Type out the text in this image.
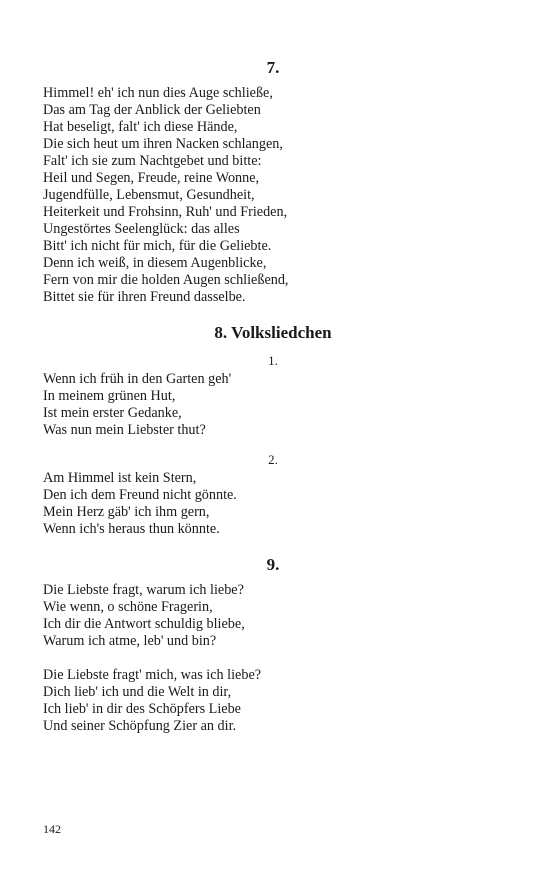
7.

Himmel! eh' ich nun dies Auge schließe,
Das am Tag der Anblick der Geliebten
Hat beseligt, falt' ich diese Hände,
Die sich heut um ihren Nacken schlangen,
Falt' ich sie zum Nachtgebet und bitte:
Heil und Segen, Freude, reine Wonne,
Jugendfülle, Lebensmut, Gesundheit,
Heiterkeit und Frohsinn, Ruh' und Frieden,
Ungestörtes Seelenglück: das alles
Bitt' ich nicht für mich, für die Geliebte.
Denn ich weiß, in diesem Augenblicke,
Fern von mir die holden Augen schließend,
Bittet sie für ihren Freund dasselbe.

8. Volksliedchen

1.

Wenn ich früh in den Garten geh'
In meinem grünen Hut,
Ist mein erster Gedanke,
Was nun mein Liebster thut?

2.

Am Himmel ist kein Stern,
Den ich dem Freund nicht gönnte.
Mein Herz gäb' ich ihm gern,
Wenn ich's heraus thun könnte.

9.

Die Liebste fragt, warum ich liebe?
Wie wenn, o schöne Fragerin,
Ich dir die Antwort schuldig bliebe,
Warum ich atme, leb' und bin?

Die Liebste fragt' mich, was ich liebe?
Dich lieb' ich und die Welt in dir,
Ich lieb' in dir des Schöpfers Liebe
Und seiner Schöpfung Zier an dir.

142
